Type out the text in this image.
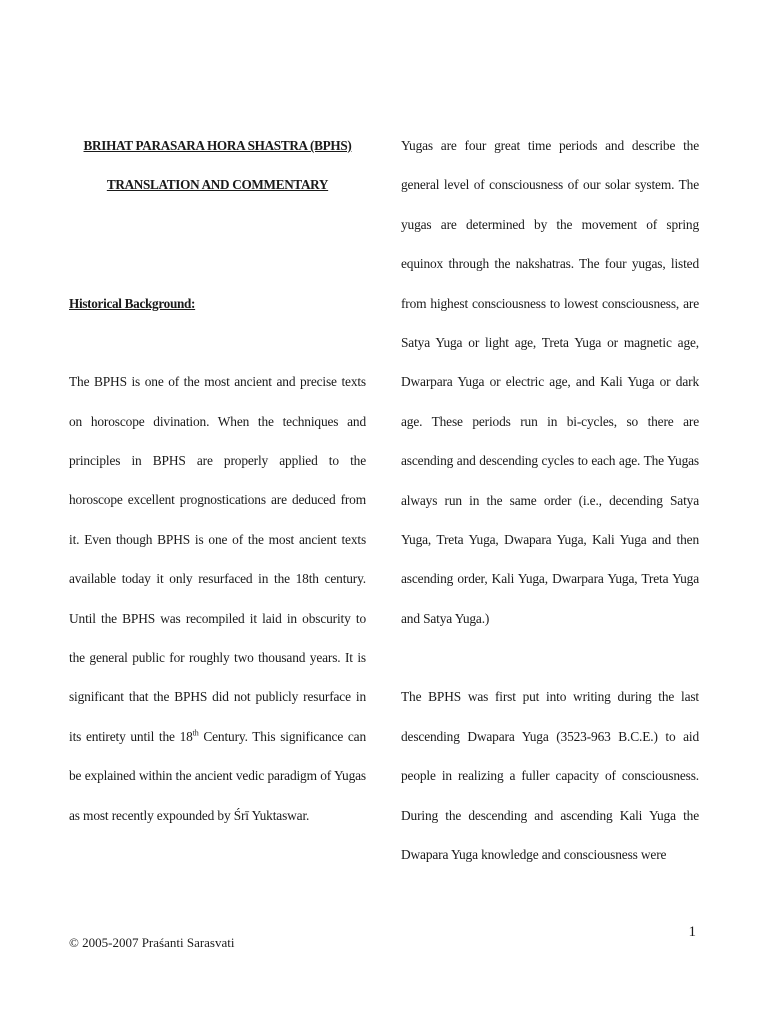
BRIHAT PARASARA HORA SHASTRA (BPHS)

TRANSLATION AND COMMENTARY

Historical Background:

The BPHS is one of the most ancient and precise texts on horoscope divination. When the techniques and principles in BPHS are properly applied to the horoscope excellent prognostications are deduced from it. Even though BPHS is one of the most ancient texts available today it only resurfaced in the 18th century. Until the BPHS was recompiled it laid in obscurity to the general public for roughly two thousand years. It is significant that the BPHS did not publicly resurface in its entirety until the 18th Century. This significance can be explained within the ancient vedic paradigm of Yugas as most recently expounded by Śrī Yuktaswar.

Yugas are four great time periods and describe the general level of consciousness of our solar system. The yugas are determined by the movement of spring equinox through the nakshatras. The four yugas, listed from highest consciousness to lowest consciousness, are Satya Yuga or light age, Treta Yuga or magnetic age, Dwarpara Yuga or electric age, and Kali Yuga or dark age. These periods run in bi-cycles, so there are ascending and descending cycles to each age. The Yugas always run in the same order (i.e., decending Satya Yuga, Treta Yuga, Dwapara Yuga, Kali Yuga and then ascending order, Kali Yuga, Dwarpara Yuga, Treta Yuga and Satya Yuga.)

The BPHS was first put into writing during the last descending Dwapara Yuga (3523-963 B.C.E.) to aid people in realizing a fuller capacity of consciousness. During the descending and ascending Kali Yuga the Dwapara Yuga knowledge and consciousness were

© 2005-2007 Praśanti Sarasvati
1
